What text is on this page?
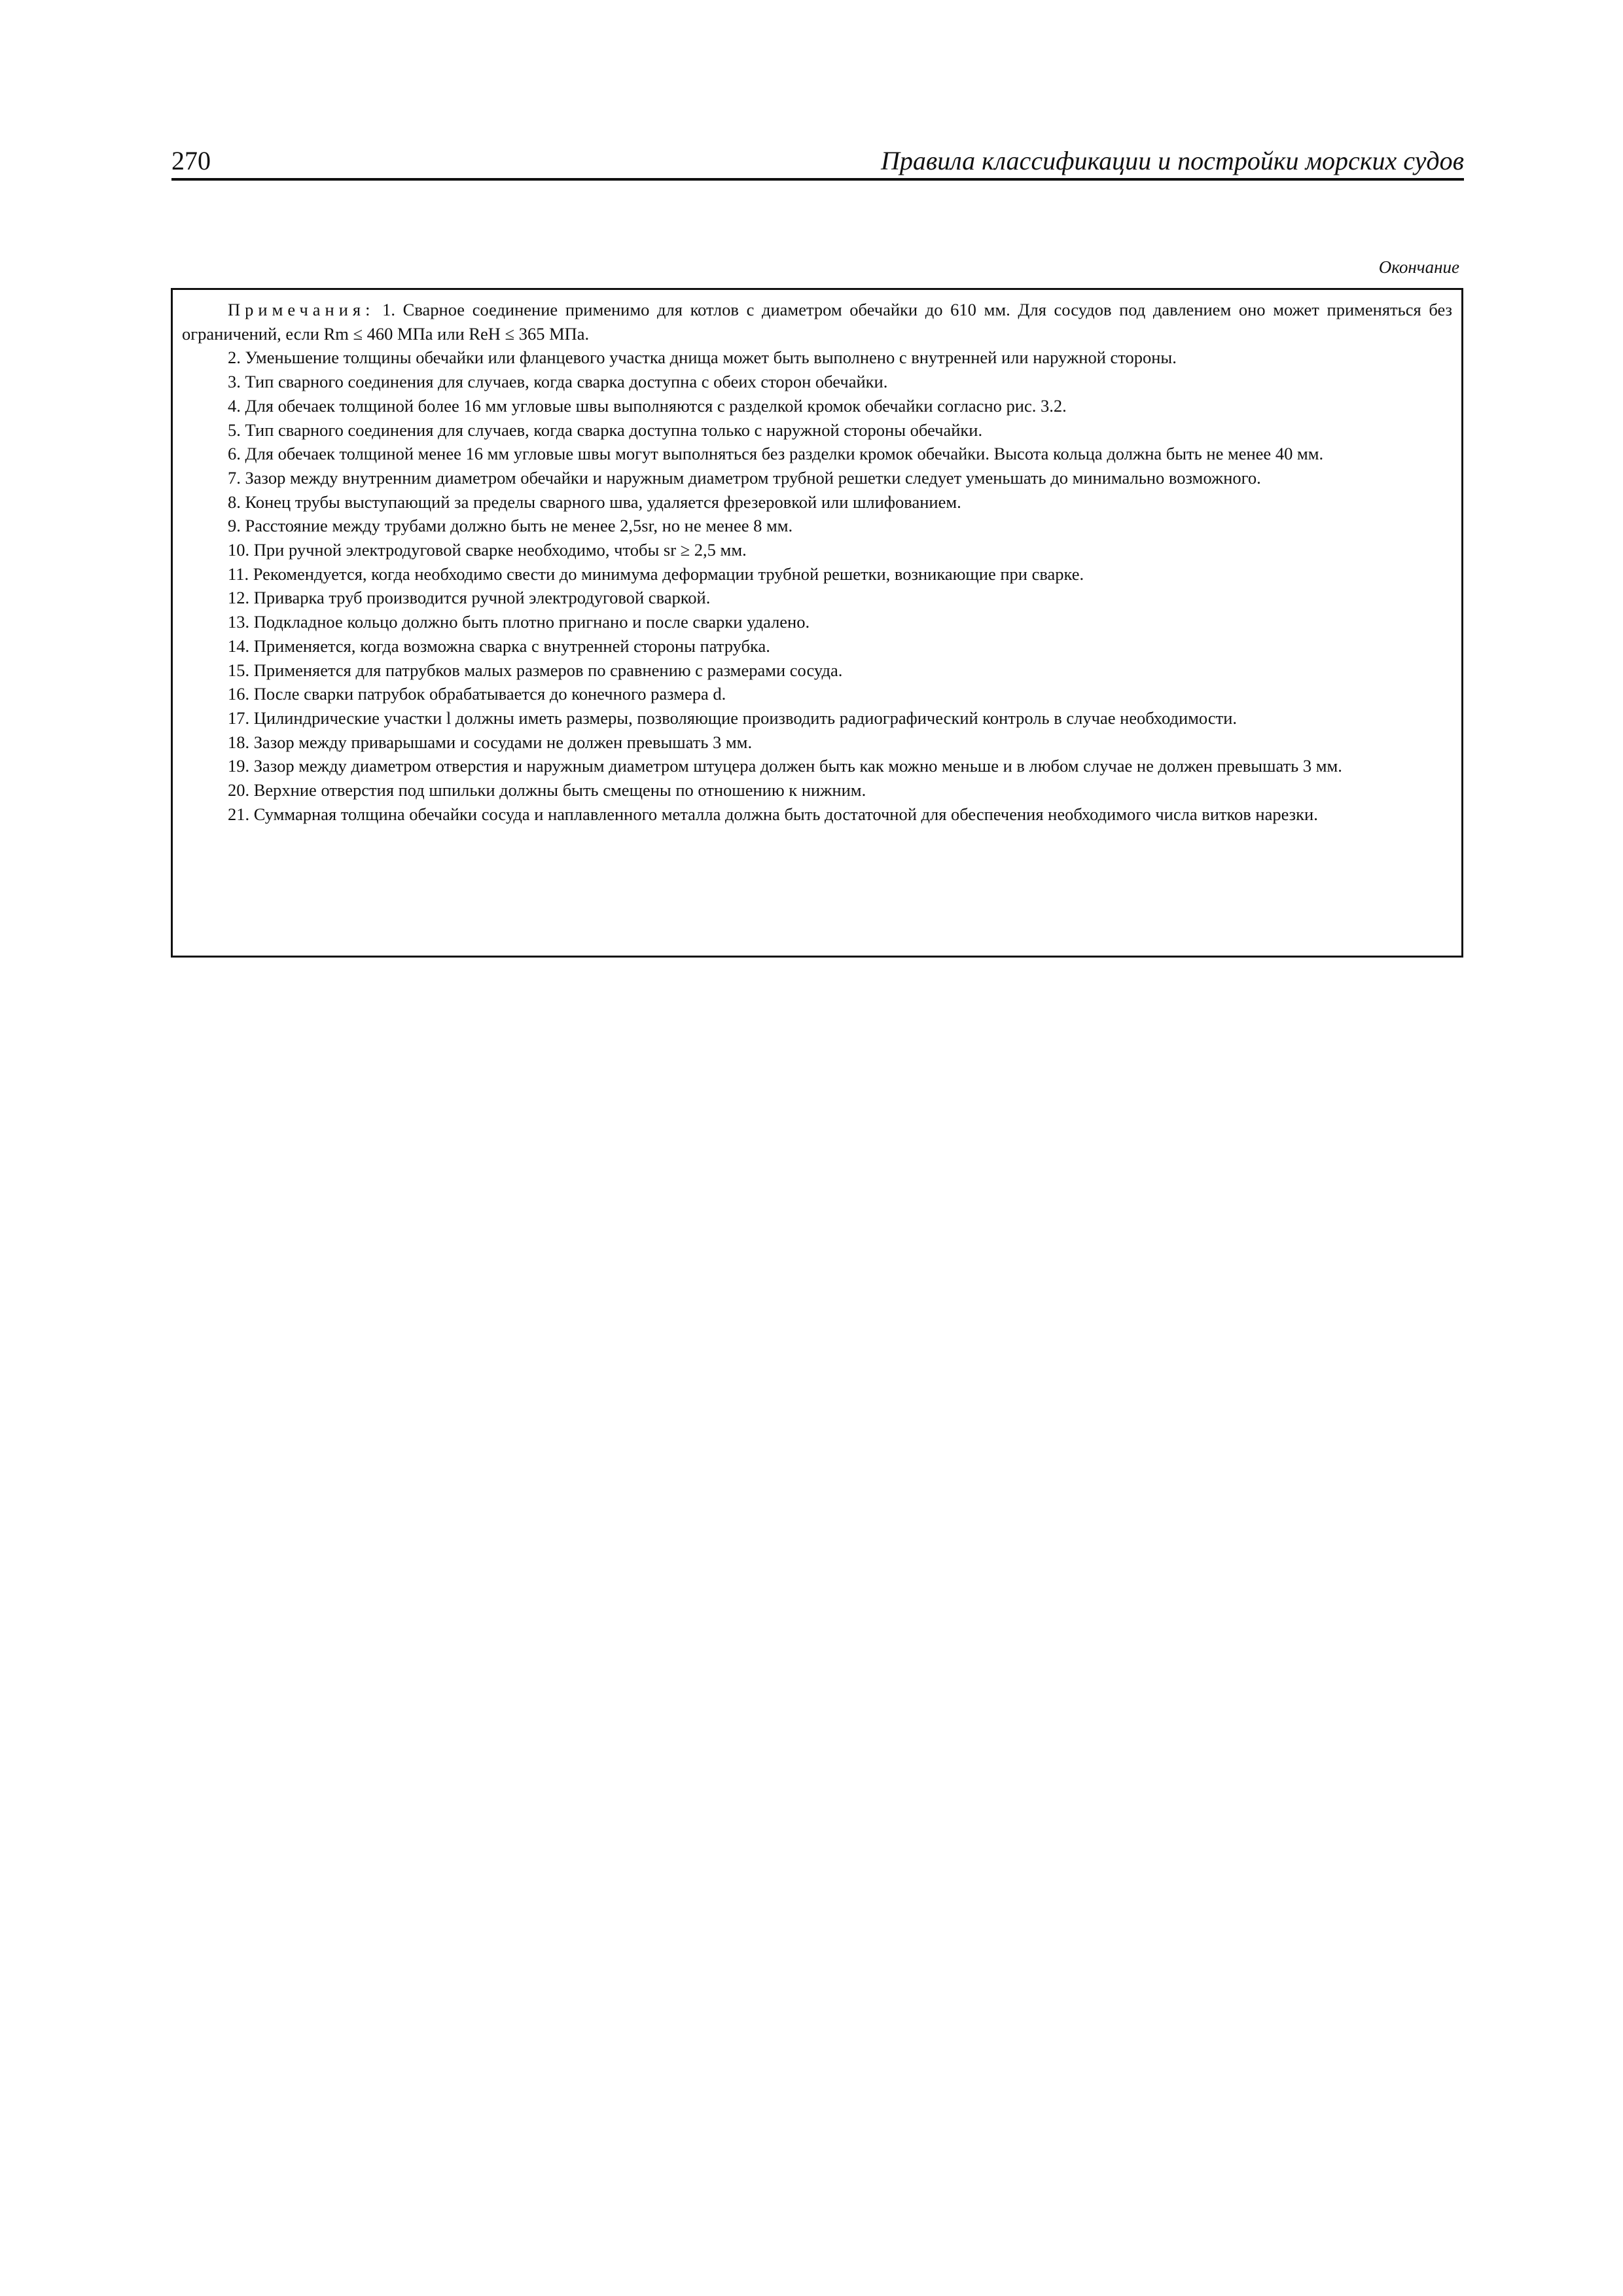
270	Правила классификации и постройки морских судов
Окончание

Примечания: 1. Сварное соединение применимо для котлов с диаметром обечайки до 610 мм. Для сосудов под давлением оно может применяться без ограничений, если Rm ≤ 460 МПа или ReH ≤ 365 МПа.

2. Уменьшение толщины обечайки или фланцевого участка днища может быть выполнено с внутренней или наружной стороны.

3. Тип сварного соединения для случаев, когда сварка доступна с обеих сторон обечайки.

4. Для обечаек толщиной более 16 мм угловые швы выполняются с разделкой кромок обечайки согласно рис. 3.2.

5. Тип сварного соединения для случаев, когда сварка доступна только с наружной стороны обечайки.

6. Для обечаек толщиной менее 16 мм угловые швы могут выполняться без разделки кромок обечайки. Высота кольца должна быть не менее 40 мм.

7. Зазор между внутренним диаметром обечайки и наружным диаметром трубной решетки следует уменьшать до минимально возможного.

8. Конец трубы выступающий за пределы сварного шва, удаляется фрезеровкой или шлифованием.

9. Расстояние между трубами должно быть не менее 2,5sr, но не менее 8 мм.

10. При ручной электродуговой сварке необходимо, чтобы sr ≥ 2,5 мм.

11. Рекомендуется, когда необходимо свести до минимума деформации трубной решетки, возникающие при сварке.

12. Приварка труб производится ручной электродуговой сваркой.

13. Подкладное кольцо должно быть плотно пригнано и после сварки удалено.

14. Применяется, когда возможна сварка с внутренней стороны патрубка.

15. Применяется для патрубков малых размеров по сравнению с размерами сосуда.

16. После сварки патрубок обрабатывается до конечного размера d.

17. Цилиндрические участки l должны иметь размеры, позволяющие производить радиографический контроль в случае необходимости.

18. Зазор между приварышами и сосудами не должен превышать 3 мм.

19. Зазор между диаметром отверстия и наружным диаметром штуцера должен быть как можно меньше и в любом случае не должен превышать 3 мм.

20. Верхние отверстия под шпильки должны быть смещены по отношению к нижним.

21. Суммарная толщина обечайки сосуда и наплавленного металла должна быть достаточной для обеспечения необходимого числа витков нарезки.
